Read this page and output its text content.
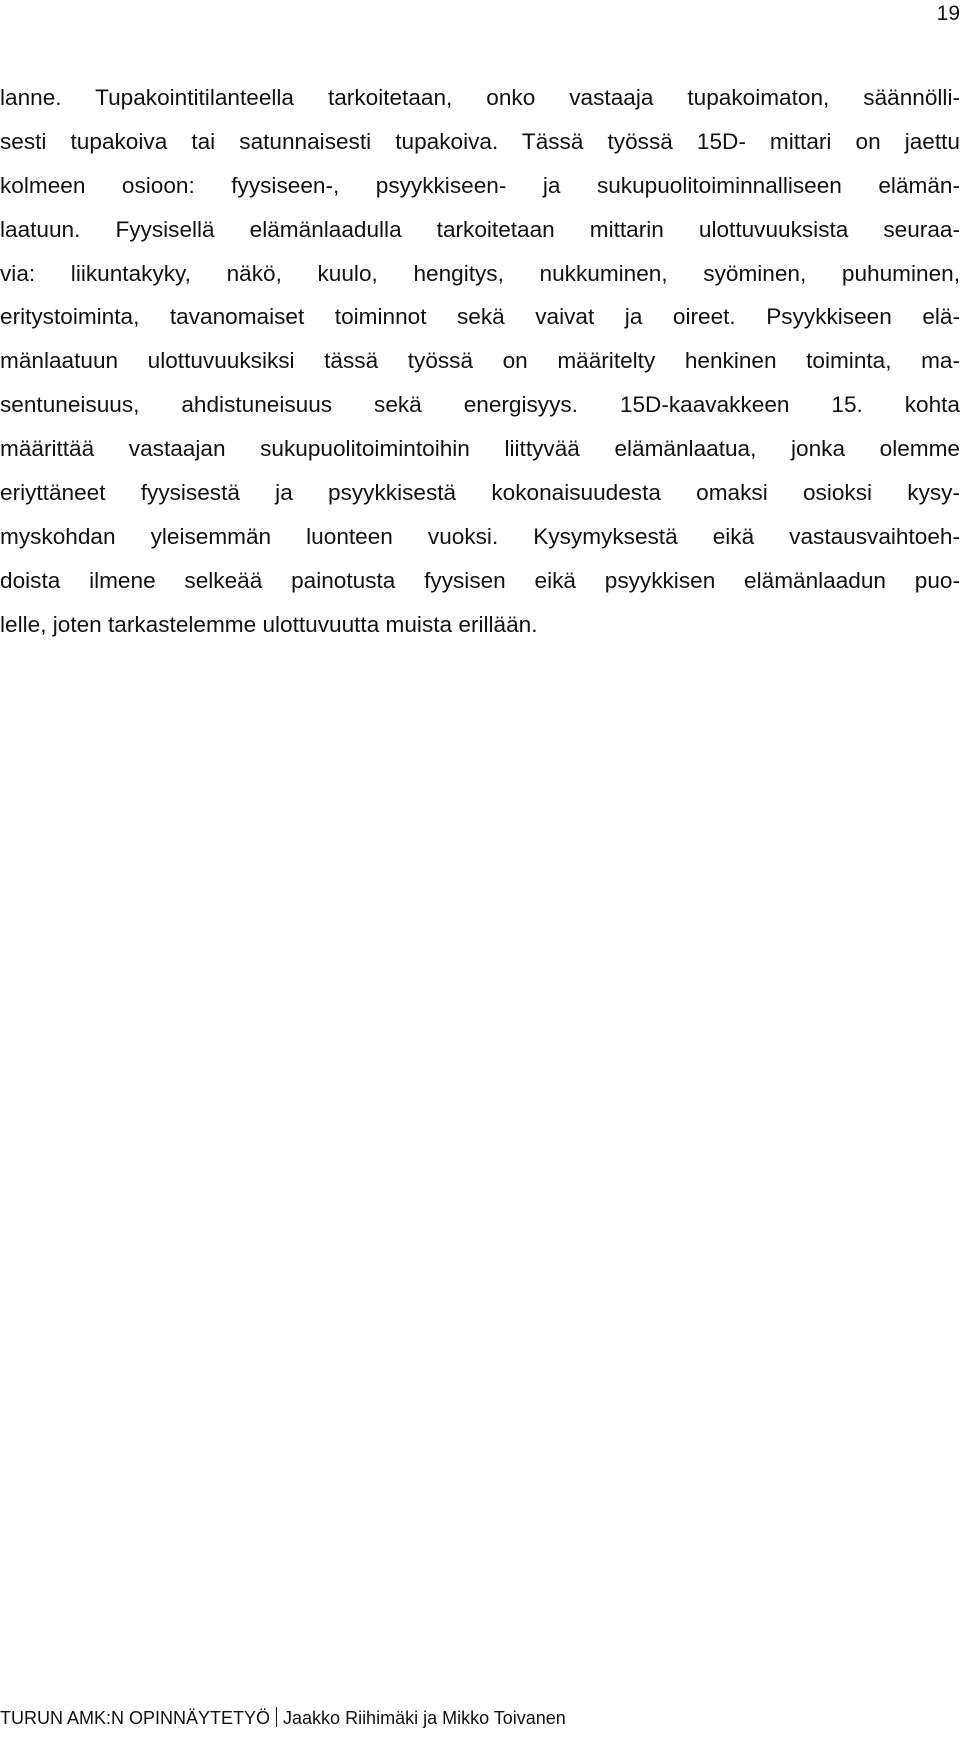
19
lanne. Tupakointitilanteella tarkoitetaan, onko vastaaja tupakoimaton, säännölli-
sesti tupakoiva tai satunnaisesti tupakoiva. Tässä työssä 15D- mittari on jaettu
kolmeen osioon: fyysiseen-, psyykkiseen- ja sukupuolitoiminnalliseen elämän-
laatuun. Fyysisellä elämänlaadulla tarkoitetaan mittarin ulottuvuuksista seuraa-
via: liikuntakyky, näkö, kuulo, hengitys, nukkuminen, syöminen, puhuminen,
eritystoiminta, tavanomaiset toiminnot sekä vaivat ja oireet. Psyykkiseen elä-
mänlaatuun ulottuvuuksiksi tässä työssä on määritelty henkinen toiminta, ma-
sentuneisuus, ahdistuneisuus sekä energisyys. 15D-kaavakkeen 15. kohta
määrittää vastaajan sukupuolitoimintoihin liittyvää elämänlaatua, jonka olemme
eriyttäneet fyysisestä ja psyykkisestä kokonaisuudesta omaksi osioksi kysy-
myskohdan yleisemmän luonteen vuoksi. Kysymyksestä eikä vastausvaihtoeh-
doista ilmene selkeää painotusta fyysisen eikä psyykkisen elämänlaadun puo-
lelle, joten tarkastelemme ulottuvuutta muista erillään.
TURUN AMK:N OPINNÄYTETYÖ Jaakko Riihimäki ja Mikko Toivanen
